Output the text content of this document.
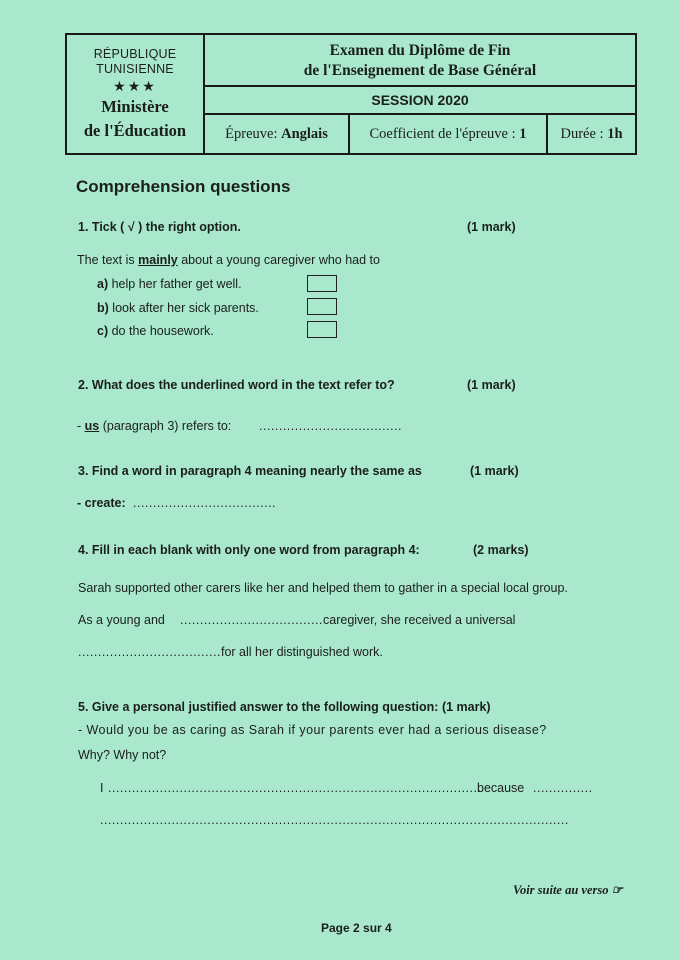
RÉPUBLIQUE
TUNISIENNE
★★★
Ministère
de l'Éducation
Examen du Diplôme de Fin
de l'Enseignement de Base Général
SESSION 2020
Épreuve: Anglais	Coefficient de l'épreuve : 1	Durée : 1h
Comprehension questions
1. Tick ( √ ) the right option.	(1 mark)
The text is mainly about a young caregiver who had to
a) help her father get well.
b) look after her sick parents.
c) do the housework.
2. What does the underlined word in the text refer to?	(1 mark)
- us (paragraph 3) refers to: ....................................
3. Find a word in paragraph 4 meaning nearly the same as	(1 mark)
- create: ....................................
4. Fill in each blank with only one word from paragraph 4:	(2 marks)
Sarah supported other carers like her and helped them to gather in a special local group.
As a young and .................................... caregiver, she received a universal
.................................... for all her distinguished work.
5. Give a personal justified answer to the following question: (1 mark)
- Would you be as caring as Sarah if your parents ever had a serious disease?
Why? Why not?
I ..............................................................................................
because ...............
......................................................................................................................
Voir suite au verso ☞
Page 2 sur 4
